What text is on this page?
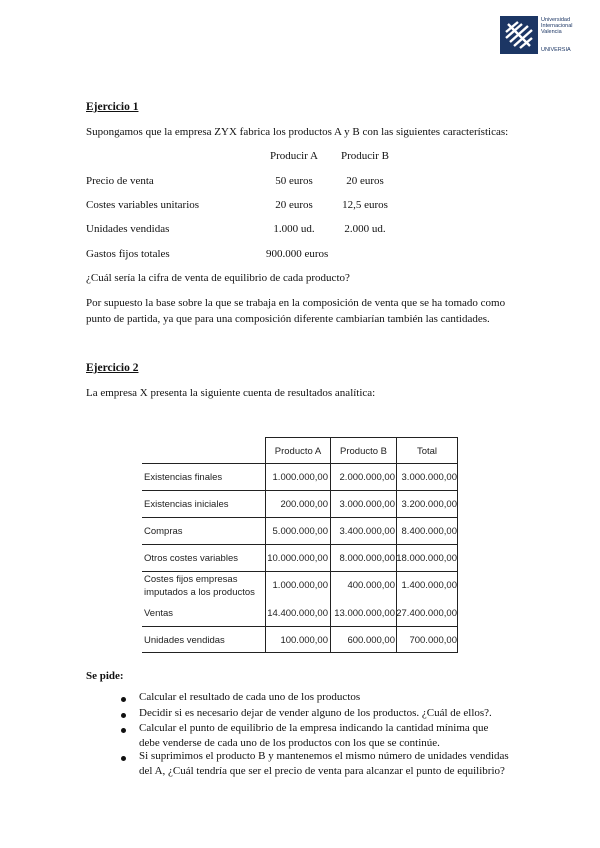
Universidad
Internacional
Valencia
UNIVERSIA
Ejercicio 1
Supongamos que la empresa ZYX fabrica los productos A y B con las siguientes características:
Producir A	Producir B
Precio de venta	50 euros	20 euros
Costes variables unitarios	20 euros	12,5 euros
Unidades vendidas	1.000 ud.	2.000 ud.
Gastos fijos totales	900.000 euros
¿Cuál sería la cifra de venta de equilibrio de cada producto?
Por supuesto la base sobre la que se trabaja en la composición de venta que se ha tomado como
punto de partida, ya que para una composición diferente cambiarían también las cantidades.
Ejercicio 2
La empresa X presenta la siguiente cuenta de resultados analítica:
Producto A	Producto B	Total
Existencias finales	1.000.000,00	2.000.000,00 3.000.000,00
Existencias iniciales	200.000,00	3.000.000,00 3.200.000,00
Compras	5.000.000,00	3.400.000,00 8.400.000,00
Otros costes variables	10.000.000,00	8.000.000,00 18.000.000,00
Costes fijos empresas
imputados a los productos
1.000.000,00	400.000,00 1.400.000,00
Ventas	14.400.000,00 13.000.000,00 27.400.000,00
Unidades vendidas	100.000,00	600.000,00	700.000,00
Se pide:
Calcular el resultado de cada uno de los productos
Decidir si es necesario dejar de vender alguno de los productos. ¿Cuál de ellos?.
Calcular el punto de equilibrio de la empresa indicando la cantidad mínima que
debe venderse de cada uno de los productos con los que se continúe.
Si suprimimos el producto B y mantenemos el mismo número de unidades vendidas
del A, ¿Cuál tendría que ser el precio de venta para alcanzar el punto de equilibrio?
